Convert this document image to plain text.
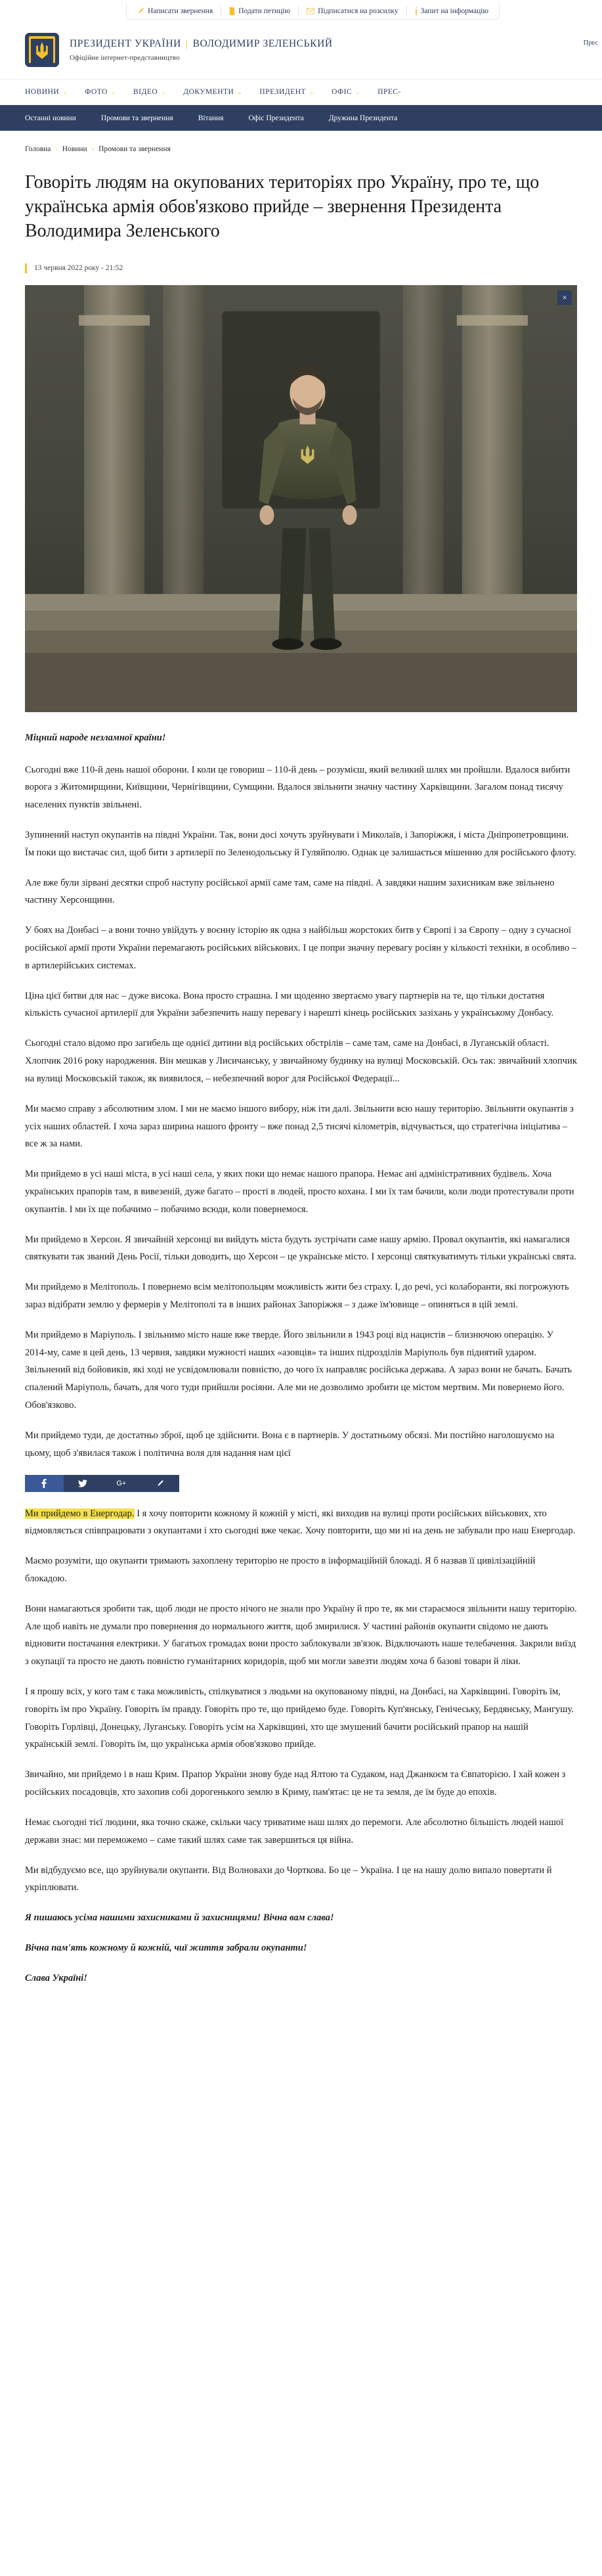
Написати звернення	Подати петицію	Підписатися на розсилку	Запит на інформацію
ПРЕЗИДЕНТ УКРАЇНИ | ВОЛОДИМИР ЗЕЛЕНСЬКИЙ
Офіційне інтернет-представництво
Прес
НОВИНИ ⌄ ФОТО ⌄ ВІДЕО ⌄ ДОКУМЕНТИ ⌄ ПРЕЗИДЕНТ ⌄ ОФІС ⌄ ПРЕС-
Останні новини	Промови та звернення	Вітання	Офіс Президента	Дружина Президента
Головна › Новини › Промови та звернення
Говоріть людям на окупованих територіях про Україну, про те, що українська армія обов'язково прийде – звернення Президента Володимира Зеленського
13 червня 2022 року - 21:52
×

Міцний народе незламної країни!

Сьогодні вже 110-й день нашої оборони. І коли це говориш – 110-й день – розумієш, який великий шлях ми пройшли. Вдалося вибити ворога з Житомирщини, Київщини, Чернігівщини, Сумщини. Вдалося звільнити значну частину Харківщини. Загалом понад тисячу населених пунктів звільнені.

Зупинений наступ окупантів на півдні України. Так, вони досі хочуть зруйнувати і Миколаїв, і Запоріжжя, і міста Дніпропетровщини. Їм поки що вистачає сил, щоб бити з артилерії по Зеленодольську й Гуляйполю. Однак це залишається мішенню для російського флоту.

Але вже були зірвані десятки спроб наступу російської армії саме там, саме на півдні. А завдяки нашим захисникам вже звільнено частину Херсонщини.

У боях на Донбасі – а вони точно увійдуть у воєнну історію як одна з найбільш жорстоких битв у Європі і за Європу – одну з сучасної російської армії проти України перемагають російських військових. І це попри значну перевагу росіян у кількості техніки, в особливо – в артилерійських системах.

Ціна цієї битви для нас – дуже висока. Вона просто страшна. І ми щоденно звертаємо увагу партнерів на те, що тільки достатня кількість сучасної артилерії для України забезпечить нашу перевагу і нарешті кінець російських зазіхань у українському Донбасу.

Сьогодні стало відомо про загибель ще однієї дитини від російських обстрілів – саме там, саме на Донбасі, в Луганській області. Хлопчик 2016 року народження. Він мешкав у Лисичанську, у звичайному будинку на вулиці Московській. Ось так: звичайний хлопчик на вулиці Московській також, як виявилося, – небезпечний ворог для Російської Федерації...

Ми маємо справу з абсолютним злом. І ми не маємо іншого вибору, ніж іти далі. Звільнити всю нашу територію. Звільнити окупантів з усіх наших областей. І хоча зараз ширина нашого фронту – вже понад 2,5 тисячі кілометрів, відчувається, що стратегічна ініціатива – все ж за нами.

Ми прийдемо в усі наші міста, в усі наші села, у яких поки що немає нашого прапора. Немає ані адміністративних будівель. Хоча українських прапорів там, в вивезеній, дуже багато – прості в людей, просто кохана. І ми їх там бачили, коли люди протестували проти окупантів. І ми їх ще побачимо – побачимо всюди, коли повернемося.

Ми прийдемо в Херсон. Я звичайній херсонці ви вийдуть міста будуть зустрічати саме нашу армію. Провал окупантів, які намагалися святкувати так званий День Росії, тільки доводить, що Херсон – це українське місто. І херсонці святкуватимуть тільки українські свята.

Ми прийдемо в Мелітополь. І повернемо всім мелітопольцям можливість жити без страху. І, до речі, усі колаборанти, які погрожують зараз відібрати землю у фермерів у Мелітополі та в інших районах Запоріжжя – з даже їм'ювище – опиняться в цій землі.

Ми прийдемо в Маріуполь. І звільнимо місто наше вже тверде. Його звільнили в 1943 році від нацистів – близнючою операцію. У 2014-му, саме в цей день, 13 червня, завдяки мужності наших «азовців» та інших підрозділів Маріуполь був піднятий ударом. Звільнений від бойовиків, які ході не усвідомлювали повністю, до чого їх направляє російська держава. А зараз вони не бачать. Бачать спалений Маріуполь, бачать, для чого туди прийшли росіяни. Але ми не дозволимо зробити це містом мертвим. Ми повернемо його. Обов'язково.

Ми прийдемо туди, де достатньо зброї, щоб це здійснити. Вона є в партнерів. У достатньому обсязі. Ми постійно наголошуємо на цьому, щоб з'явилася також і політична воля для надання нам цієї

G+

Ми прийдемо в Енергодар. І я хочу повторити кожному й кожній у місті, які виходив на вулиці проти російських військових, хто відмовляється співпрацювати з окупантами і хто сьогодні вже чекає. Хочу повторити, що ми ні на день не забували про наш Енергодар.

Маємо розуміти, що окупанти тримають захоплену територію не просто в інформаційній блокаді. Я б назвав її цивілізаційній блокадою.

Вони намагаються зробити так, щоб люди не просто нічого не знали про Україну й про те, як ми стараємося звільнити нашу територію. Але щоб навіть не думали про повернення до нормального життя, щоб змирилися. У частині районів окупанти свідомо не дають відновити постачання електрики. У багатьох громадах вони просто заблокували зв'язок. Відключають наше телебачення. Закрили виїзд з окупації та просто не дають повністю гуманітарних коридорів, щоб ми могли завезти людям хоча б базові товари й ліки.

І я прошу всіх, у кого там є така можливість, спілкуватися з людьми на окупованому півдні, на Донбасі, на Харківщині. Говоріть їм, говоріть їм про Україну. Говоріть їм правду. Говоріть про те, що прийдемо буде. Говоріть Куп'янську, Генічеську, Бердянську, Мангушу. Говоріть Горлівці, Донецьку, Луганську. Говоріть усім на Харківщині, хто ще змушений бачити російський прапор на нашій українській землі. Говоріть їм, що українська армія обов'язково прийде.

Звичайно, ми прийдемо і в наш Крим. Прапор України знову буде над Ялтою та Судаком, над Джанкоєм та Євпаторією. І хай кожен з російських посадовців, хто захопив собі дорогенького землю в Криму, пам'ятає: це не та земля, де їм буде до епохів.

Немає сьогодні тієї людини, яка точно скаже, скільки часу триватиме наш шлях до перемоги. Але абсолютно більшість людей нашої держави знає: ми переможемо – саме такий шлях саме так завершиться ця війна.

Ми відбудуємо все, що зруйнували окупанти. Від Волновахи до Чорткова. Бо це – Україна. І це на нашу долю випало повертати й укріплювати.

Я пишаюсь усіма нашими захисниками й захисницями! Вічна вам слава!

Вічна пам'ять кожному й кожній, чиї життя забрали окупанти!

Слава Україні!
